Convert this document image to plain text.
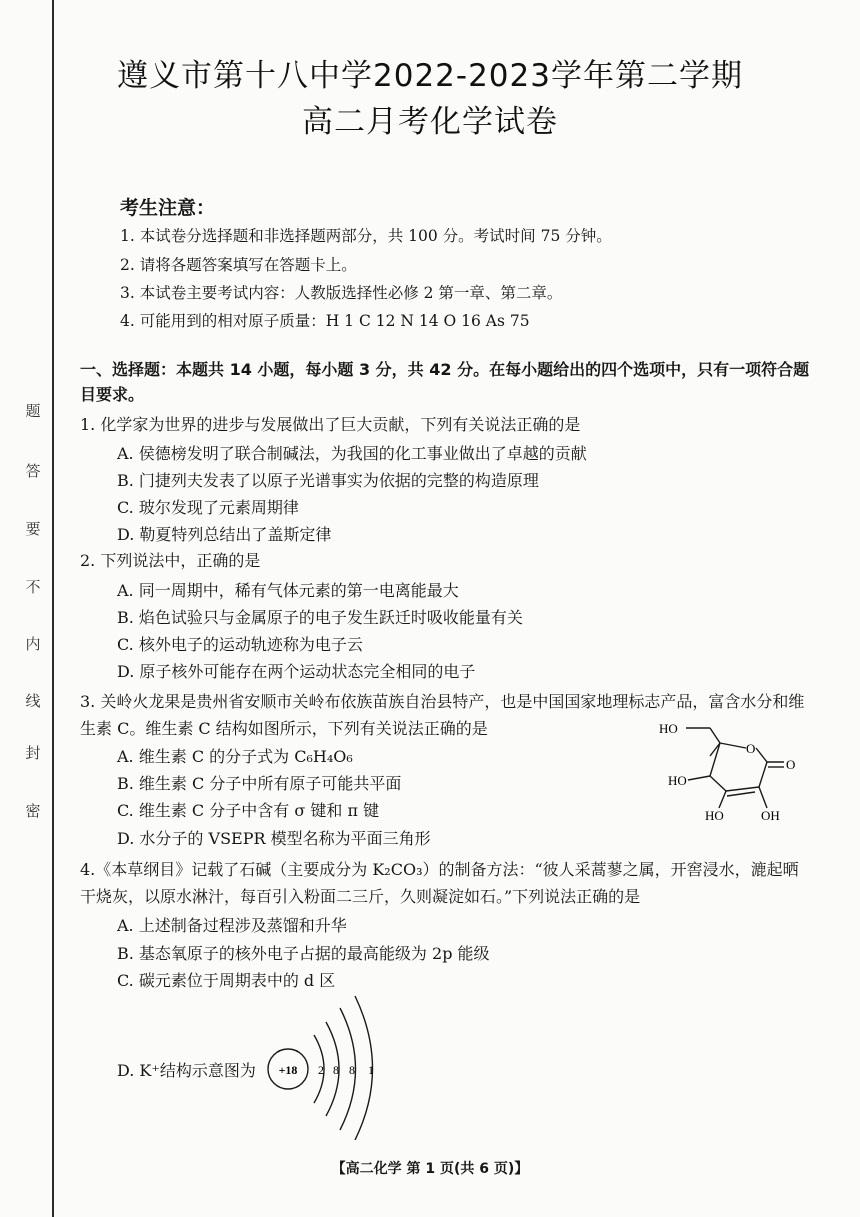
题
答
要
不
内
线
封
密
遵义市第十八中学2022-2023学年第二学期
高二月考化学试卷
考生注意：
1. 本试卷分选择题和非选择题两部分，共 100 分。考试时间 75 分钟。
2. 请将各题答案填写在答题卡上。
3. 本试卷主要考试内容：人教版选择性必修 2 第一章、第二章。
4. 可能用到的相对原子质量：H 1 C 12 N 14 O 16 As 75
一、选择题：本题共 14 小题，每小题 3 分，共 42 分。在每小题给出的四个选项中，只有一项符合题目要求。
1. 化学家为世界的进步与发展做出了巨大贡献，下列有关说法正确的是
A. 侯德榜发明了联合制碱法，为我国的化工事业做出了卓越的贡献
B. 门捷列夫发表了以原子光谱事实为依据的完整的构造原理
C. 玻尔发现了元素周期律
D. 勒夏特列总结出了盖斯定律
2. 下列说法中，正确的是
A. 同一周期中，稀有气体元素的第一电离能最大
B. 焰色试验只与金属原子的电子发生跃迁时吸收能量有关
C. 核外电子的运动轨迹称为电子云
D. 原子核外可能存在两个运动状态完全相同的电子
3. 关岭火龙果是贵州省安顺市关岭布依族苗族自治县特产，也是中国国家地理标志产品，富含水分和维生素 C。维生素 C 结构如图所示，下列有关说法正确的是
A. 维生素 C 的分子式为 C₆H₄O₆
B. 维生素 C 分子中所有原子可能共平面
C. 维生素 C 分子中含有 σ 键和 π 键
D. 水分子的 VSEPR 模型名称为平面三角形
HO
HO
O
O
HO	OH
4.《本草纲目》记载了石碱（主要成分为 K₂CO₃）的制备方法：“彼人采蒿蓼之属，开窖浸水，漉起晒干烧灰，以原水淋汁，每百引入粉面二三斤，久则凝淀如石。”下列说法正确的是
A. 上述制备过程涉及蒸馏和升华
B. 基态氧原子的核外电子占据的最高能级为 2p 能级
C. 碳元素位于周期表中的 d 区
D. K⁺结构示意图为 +18 2 8 8 1
【高二化学 第 1 页(共 6 页)】
